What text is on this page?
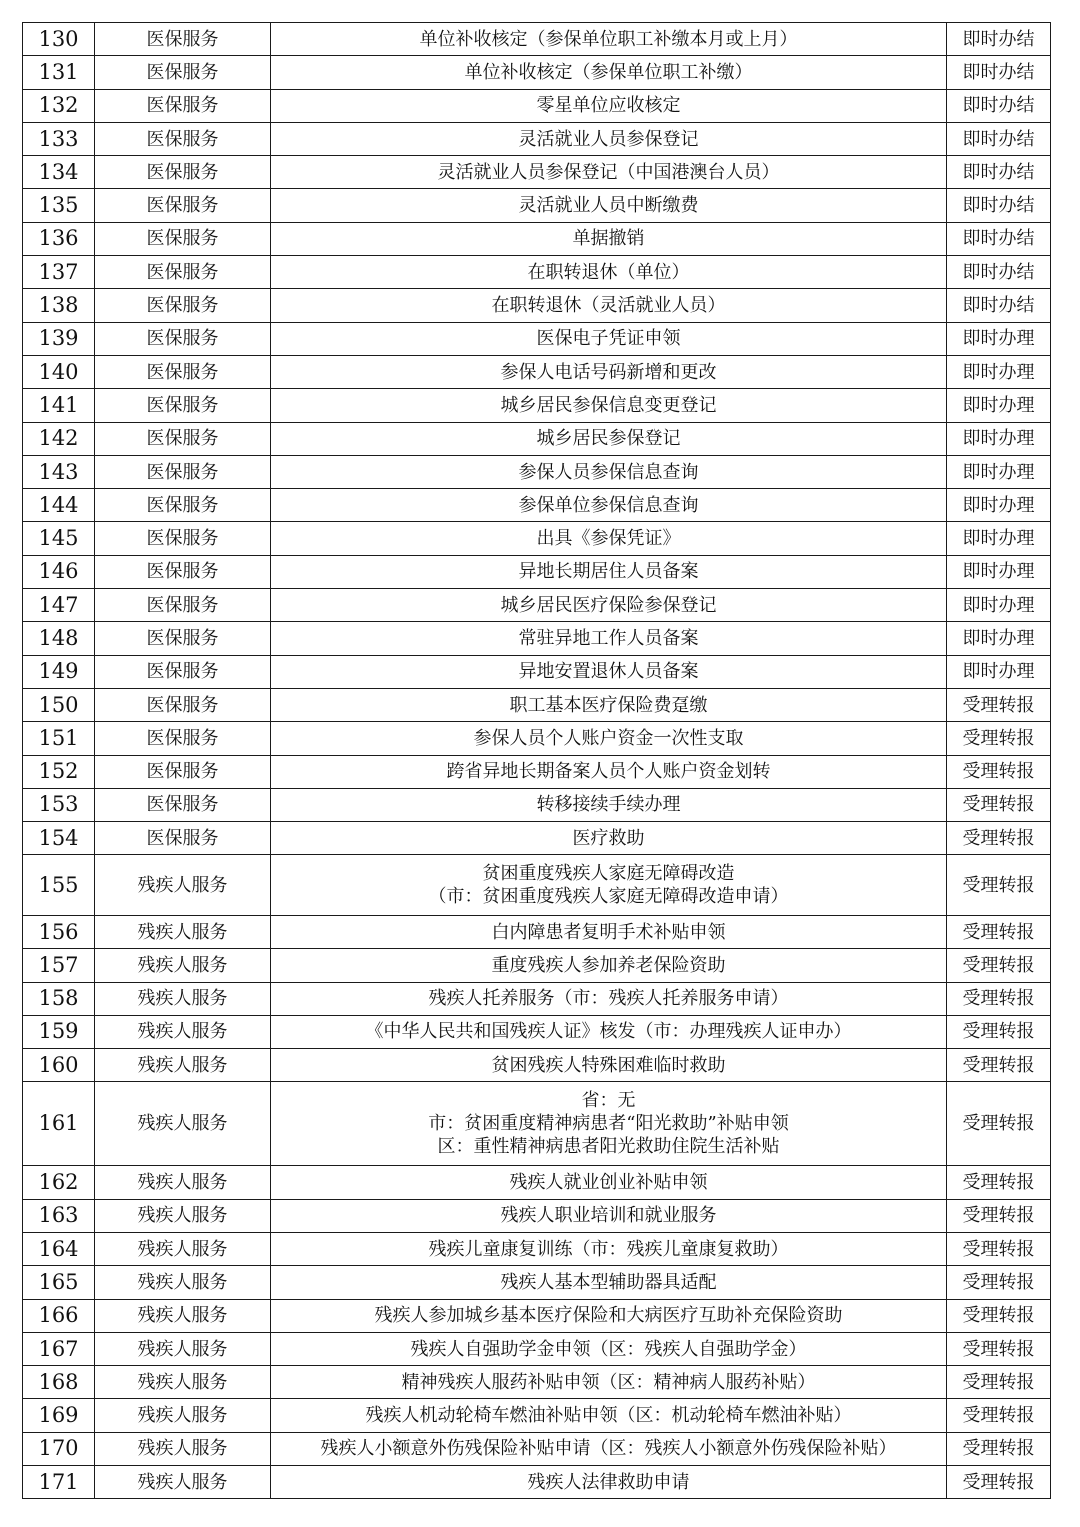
130	医保服务	单位补收核定（参保单位职工补缴本月或上月）	即时办结
131	医保服务	单位补收核定（参保单位职工补缴）	即时办结
132	医保服务	零星单位应收核定	即时办结
133	医保服务	灵活就业人员参保登记	即时办结
134	医保服务	灵活就业人员参保登记（中国港澳台人员）	即时办结
135	医保服务	灵活就业人员中断缴费	即时办结
136	医保服务	单据撤销	即时办结
137	医保服务	在职转退休（单位）	即时办结
138	医保服务	在职转退休（灵活就业人员）	即时办结
139	医保服务	医保电子凭证申领	即时办理
140	医保服务	参保人电话号码新增和更改	即时办理
141	医保服务	城乡居民参保信息变更登记	即时办理
142	医保服务	城乡居民参保登记	即时办理
143	医保服务	参保人员参保信息查询	即时办理
144	医保服务	参保单位参保信息查询	即时办理
145	医保服务	出具《参保凭证》	即时办理
146	医保服务	异地长期居住人员备案	即时办理
147	医保服务	城乡居民医疗保险参保登记	即时办理
148	医保服务	常驻异地工作人员备案	即时办理
149	医保服务	异地安置退休人员备案	即时办理
150	医保服务	职工基本医疗保险费趸缴	受理转报
151	医保服务	参保人员个人账户资金一次性支取	受理转报
152	医保服务	跨省异地长期备案人员个人账户资金划转	受理转报
153	医保服务	转移接续手续办理	受理转报
154	医保服务	医疗救助	受理转报
155	残疾人服务	贫困重度残疾人家庭无障碍改造
（市：贫困重度残疾人家庭无障碍改造申请）	受理转报
156	残疾人服务	白内障患者复明手术补贴申领	受理转报
157	残疾人服务	重度残疾人参加养老保险资助	受理转报
158	残疾人服务	残疾人托养服务（市：残疾人托养服务申请）	受理转报
159	残疾人服务	《中华人民共和国残疾人证》核发（市：办理残疾人证申办）	受理转报
160	残疾人服务	贫困残疾人特殊困难临时救助	受理转报
161	残疾人服务	省：无
市：贫困重度精神病患者“阳光救助”补贴申领
区：重性精神病患者阳光救助住院生活补贴	受理转报
162	残疾人服务	残疾人就业创业补贴申领	受理转报
163	残疾人服务	残疾人职业培训和就业服务	受理转报
164	残疾人服务	残疾儿童康复训练（市：残疾儿童康复救助）	受理转报
165	残疾人服务	残疾人基本型辅助器具适配	受理转报
166	残疾人服务	残疾人参加城乡基本医疗保险和大病医疗互助补充保险资助	受理转报
167	残疾人服务	残疾人自强助学金申领（区：残疾人自强助学金）	受理转报
168	残疾人服务	精神残疾人服药补贴申领（区：精神病人服药补贴）	受理转报
169	残疾人服务	残疾人机动轮椅车燃油补贴申领（区：机动轮椅车燃油补贴）	受理转报
170	残疾人服务	残疾人小额意外伤残保险补贴申请（区：残疾人小额意外伤残保险补贴）	受理转报
171	残疾人服务	残疾人法律救助申请	受理转报
